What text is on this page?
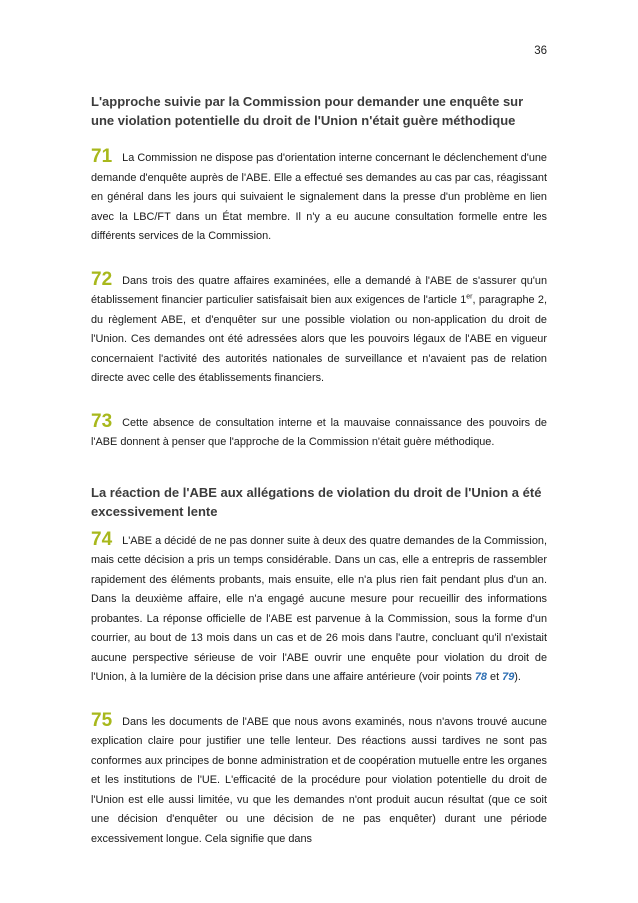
36
L'approche suivie par la Commission pour demander une enquête sur une violation potentielle du droit de l'Union n'était guère méthodique

71 La Commission ne dispose pas d'orientation interne concernant le déclenchement d'une demande d'enquête auprès de l'ABE. Elle a effectué ses demandes au cas par cas, réagissant en général dans les jours qui suivaient le signalement dans la presse d'un problème en lien avec la LBC/FT dans un État membre. Il n'y a eu aucune consultation formelle entre les différents services de la Commission.

72 Dans trois des quatre affaires examinées, elle a demandé à l'ABE de s'assurer qu'un établissement financier particulier satisfaisait bien aux exigences de l'article 1er, paragraphe 2, du règlement ABE, et d'enquêter sur une possible violation ou non-application du droit de l'Union. Ces demandes ont été adressées alors que les pouvoirs légaux de l'ABE en vigueur concernaient l'activité des autorités nationales de surveillance et n'avaient pas de relation directe avec celle des établissements financiers.

73 Cette absence de consultation interne et la mauvaise connaissance des pouvoirs de l'ABE donnent à penser que l'approche de la Commission n'était guère méthodique.

La réaction de l'ABE aux allégations de violation du droit de l'Union a été excessivement lente

74 L'ABE a décidé de ne pas donner suite à deux des quatre demandes de la Commission, mais cette décision a pris un temps considérable. Dans un cas, elle a entrepris de rassembler rapidement des éléments probants, mais ensuite, elle n'a plus rien fait pendant plus d'un an. Dans la deuxième affaire, elle n'a engagé aucune mesure pour recueillir des informations probantes. La réponse officielle de l'ABE est parvenue à la Commission, sous la forme d'un courrier, au bout de 13 mois dans un cas et de 26 mois dans l'autre, concluant qu'il n'existait aucune perspective sérieuse de voir l'ABE ouvrir une enquête pour violation du droit de l'Union, à la lumière de la décision prise dans une affaire antérieure (voir points 78 et 79).

75 Dans les documents de l'ABE que nous avons examinés, nous n'avons trouvé aucune explication claire pour justifier une telle lenteur. Des réactions aussi tardives ne sont pas conformes aux principes de bonne administration et de coopération mutuelle entre les organes et les institutions de l'UE. L'efficacité de la procédure pour violation potentielle du droit de l'Union est elle aussi limitée, vu que les demandes n'ont produit aucun résultat (que ce soit une décision d'enquêter ou une décision de ne pas enquêter) durant une période excessivement longue. Cela signifie que dans
